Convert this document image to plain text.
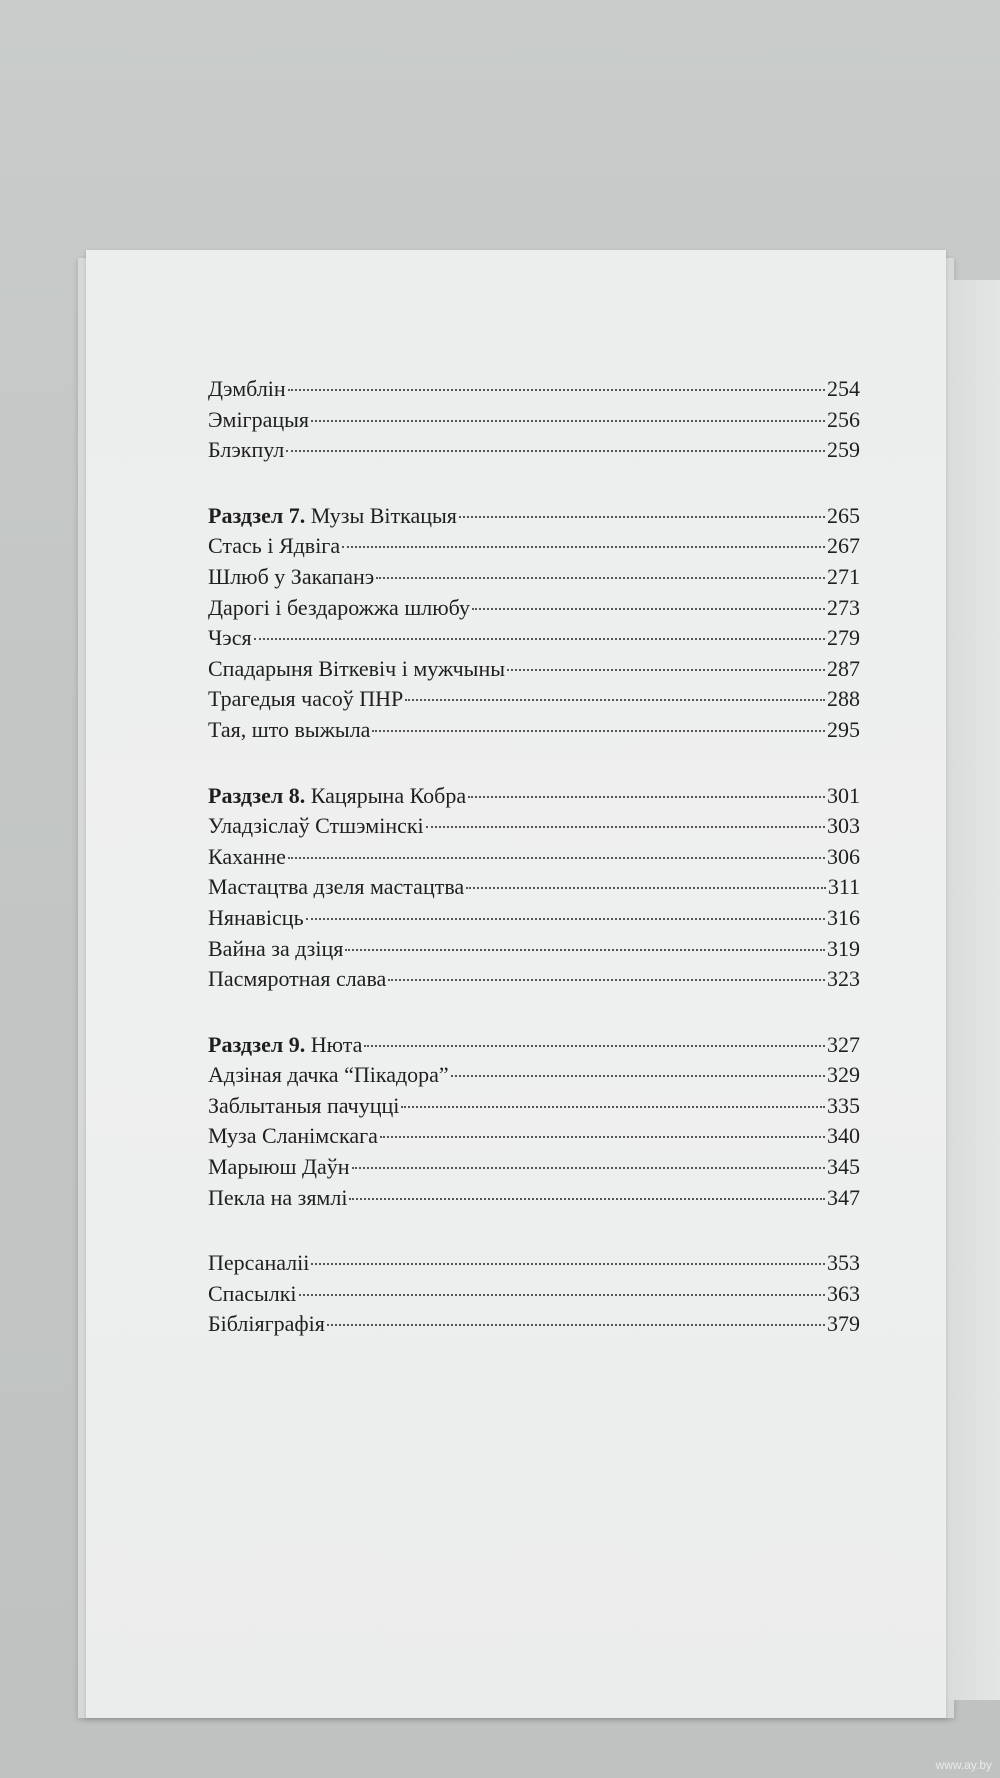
Дэмблін	254
Эміграцыя	256
Блэкпул	259
Раздзел 7. Музы Віткацыя	265
Стась і Ядвіга	267
Шлюб у Закапанэ	271
Дарогі і бездарожжа шлюбу	273
Чэся	279
Спадарыня Віткевіч і мужчыны	287
Трагедыя часоў ПНР	288
Тая, што выжыла	295
Раздзел 8. Кацярына Кобра	301
Уладзіслаў Стшэмінскі	303
Каханне	306
Мастацтва дзеля мастацтва	311
Нянавісць	316
Вайна за дзіця	319
Пасмяротная слава	323
Раздзел 9. Нюта	327
Адзіная дачка “Пікадора”	329
Заблытаныя пачуцці	335
Муза Сланімскага	340
Марыюш Даўн	345
Пекла на зямлі	347
Персаналіі	353
Спасылкі	363
Бібліяграфія	379
www.ay.by
